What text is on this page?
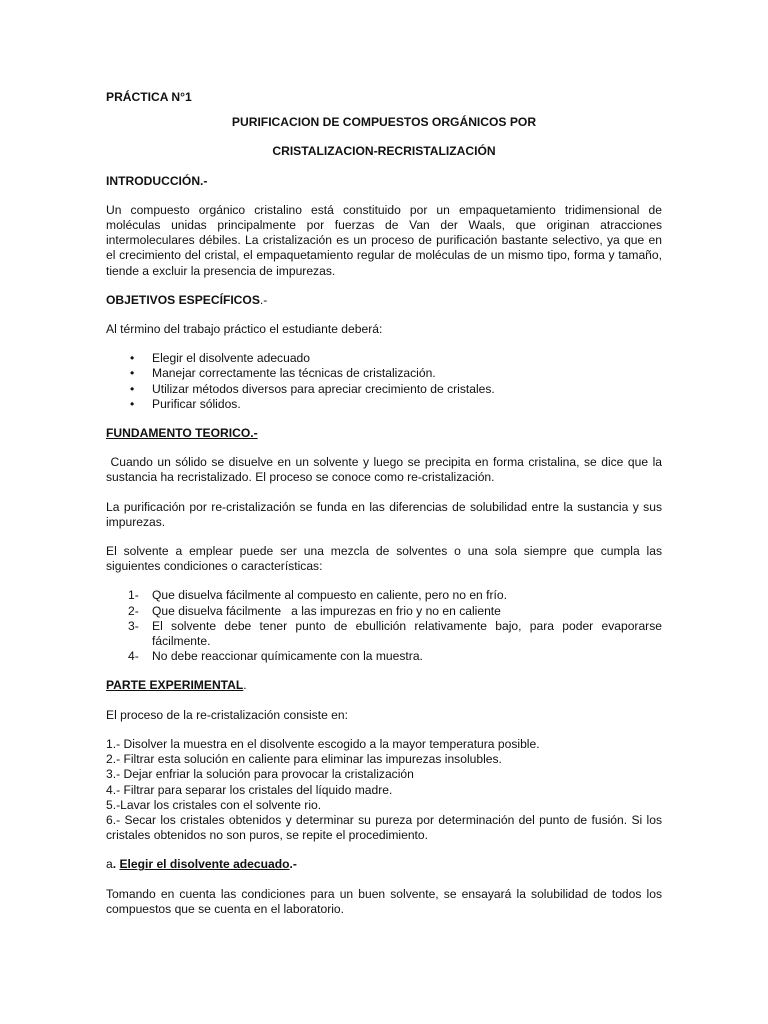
PRÁCTICA N°1

PURIFICACION DE COMPUESTOS ORGÁNICOS POR

CRISTALIZACION-RECRISTALIZACIÓN

INTRODUCCIÓN.-

Un compuesto orgánico cristalino está constituido por un empaquetamiento tridimensional de moléculas unidas principalmente por fuerzas de Van der Waals, que originan atracciones intermoleculares débiles. La cristalización es un proceso de purificación bastante selectivo, ya que en el crecimiento del cristal, el empaquetamiento regular de moléculas de un mismo tipo, forma y tamaño, tiende a excluir la presencia de impurezas.

OBJETIVOS ESPECÍFICOS.-

Al término del trabajo práctico el estudiante deberá:

• Elegir el disolvente adecuado
• Manejar correctamente las técnicas de cristalización.
• Utilizar métodos diversos para apreciar crecimiento de cristales.
• Purificar sólidos.

FUNDAMENTO TEORICO.-

Cuando un sólido se disuelve en un solvente y luego se precipita en forma cristalina, se dice que la sustancia ha recristalizado. El proceso se conoce como re-cristalización.

La purificación por re-cristalización se funda en las diferencias de solubilidad entre la sustancia y sus impurezas.

El solvente a emplear puede ser una mezcla de solventes o una sola siempre que cumpla las siguientes condiciones o características:

1- Que disuelva fácilmente al compuesto en caliente, pero no en frío.
2- Que disuelva fácilmente   a las impurezas en frio y no en caliente
3- El solvente debe tener punto de ebullición relativamente bajo, para poder evaporarse fácilmente.
4- No debe reaccionar químicamente con la muestra.

PARTE EXPERIMENTAL.

El proceso de la re-cristalización consiste en:

1.- Disolver la muestra en el disolvente escogido a la mayor temperatura posible.

2.- Filtrar esta solución en caliente para eliminar las impurezas insolubles.

3.- Dejar enfriar la solución para provocar la cristalización

4.- Filtrar para separar los cristales del líquido madre.

5.-Lavar los cristales con el solvente rio.

6.- Secar los cristales obtenidos y determinar su pureza por determinación del punto de fusión. Si los cristales obtenidos no son puros, se repite el procedimiento.

a. Elegir el disolvente adecuado.-

Tomando en cuenta las condiciones para un buen solvente, se ensayará la solubilidad de todos los compuestos que se cuenta en el laboratorio.
